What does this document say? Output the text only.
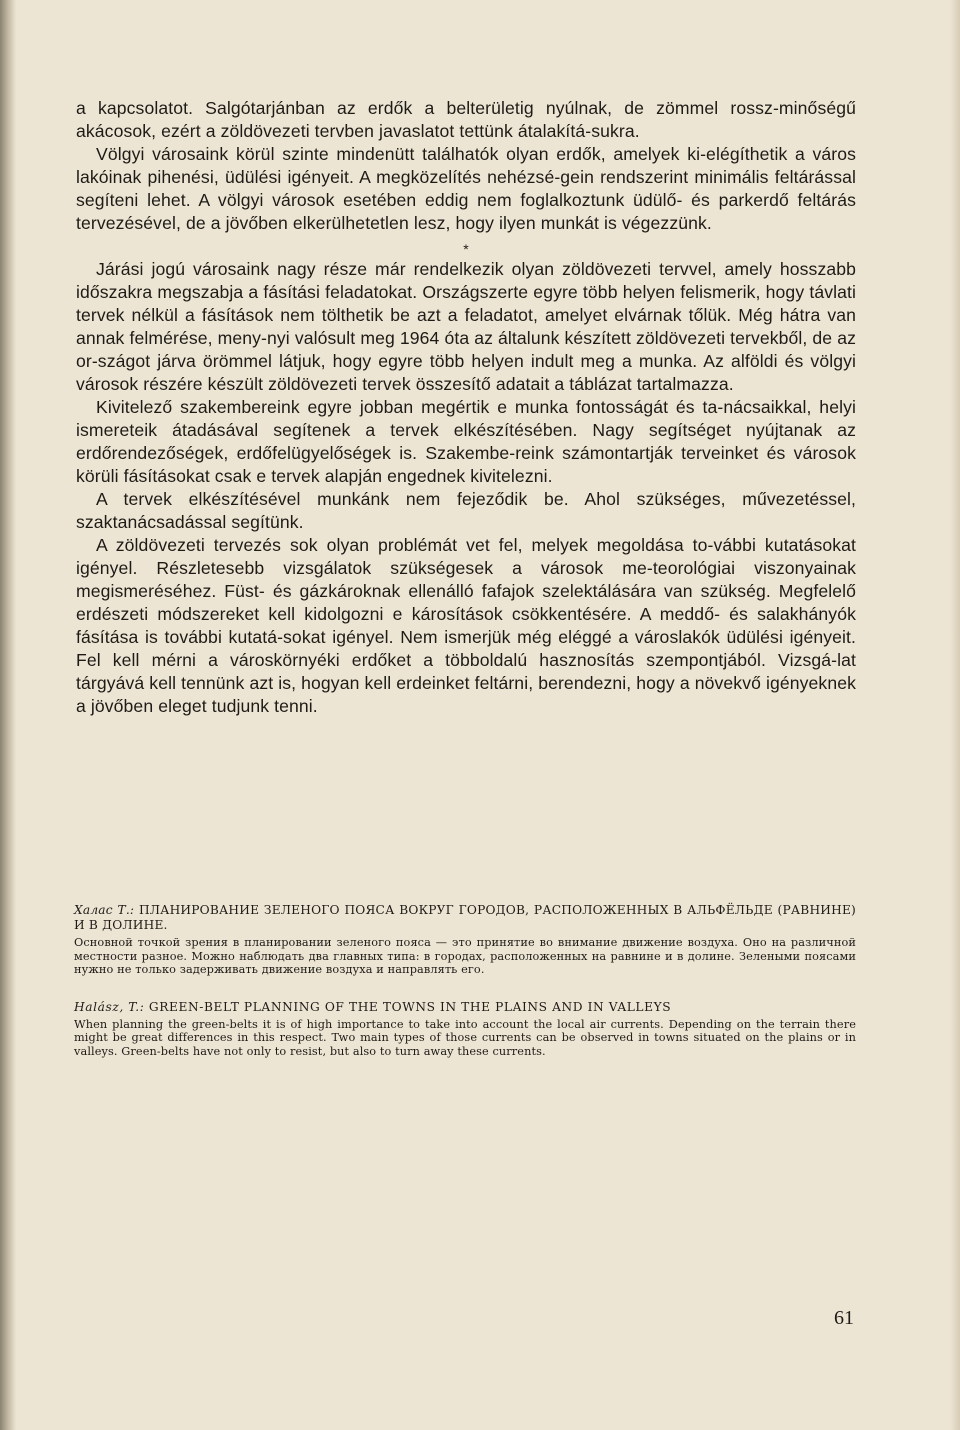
a kapcsolatot. Salgótarjánban az erdők a belterületig nyúlnak, de zömmel rossz-minőségű akácosok, ezért a zöldövezeti tervben javaslatot tettünk átalakítá-sukra.

Völgyi városaink körül szinte mindenütt találhatók olyan erdők, amelyek ki-elégíthetik a város lakóinak pihenési, üdülési igényeit. A megközelítés nehézsé-gein rendszerint minimális feltárással segíteni lehet. A völgyi városok esetében eddig nem foglalkoztunk üdülő- és parkerdő feltárás tervezésével, de a jövőben elkerülhetetlen lesz, hogy ilyen munkát is végezzünk.

*

Járási jogú városaink nagy része már rendelkezik olyan zöldövezeti tervvel, amely hosszabb időszakra megszabja a fásítási feladatokat. Országszerte egyre több helyen felismerik, hogy távlati tervek nélkül a fásítások nem tölthetik be azt a feladatot, amelyet elvárnak tőlük. Még hátra van annak felmérése, meny-nyi valósult meg 1964 óta az általunk készített zöldövezeti tervekből, de az or-szágot járva örömmel látjuk, hogy egyre több helyen indult meg a munka. Az alföldi és völgyi városok részére készült zöldövezeti tervek összesítő adatait a táblázat tartalmazza.

Kivitelező szakembereink egyre jobban megértik e munka fontosságát és ta-nácsaikkal, helyi ismereteik átadásával segítenek a tervek elkészítésében. Nagy segítséget nyújtanak az erdőrendezőségek, erdőfelügyelőségek is. Szakembe-reink számontartják terveinket és városok körüli fásításokat csak e tervek alapján engednek kivitelezni.

A tervek elkészítésével munkánk nem fejeződik be. Ahol szükséges, művezetéssel, szaktanácsadással segítünk.

A zöldövezeti tervezés sok olyan problémát vet fel, melyek megoldása to-vábbi kutatásokat igényel. Részletesebb vizsgálatok szükségesek a városok me-teorológiai viszonyainak megismeréséhez. Füst- és gázkároknak ellenálló fafajok szelektálására van szükség. Megfelelő erdészeti módszereket kell kidolgozni e károsítások csökkentésére. A meddő- és salakhányók fásítása is további kutatá-sokat igényel. Nem ismerjük még eléggé a városlakók üdülési igényeit. Fel kell mérni a városkörnyéki erdőket a többoldalú hasznosítás szempontjából. Vizsgá-lat tárgyává kell tennünk azt is, hogyan kell erdeinket feltárni, berendezni, hogy a növekvő igényeknek a jövőben eleget tudjunk tenni.

Халас Т.: ПЛАНИРОВАНИЕ ЗЕЛЕНОГО ПОЯСА ВОКРУГ ГОРОДОВ, РАСПОЛОЖЕННЫХ В АЛЬФЁЛЬДЕ (РАВНИНЕ) И В ДОЛИНЕ.
Основной точкой зрения в планировании зеленого пояса — это принятие во внимание движение воздуха. Оно на различной местности разное. Можно наблюдать два главных типа: в городах, расположенных на равнине и в долине. Зелеными поясами нужно не только задерживать движение воздуха и направлять его.
Halász, T.: GREEN-BELT PLANNING OF THE TOWNS IN THE PLAINS AND IN VALLEYS
When planning the green-belts it is of high importance to take into account the local air currents. Depending on the terrain there might be great differences in this respect. Two main types of those currents can be observed in towns situated on the plains or in valleys. Green-belts have not only to resist, but also to turn away these currents.
61
